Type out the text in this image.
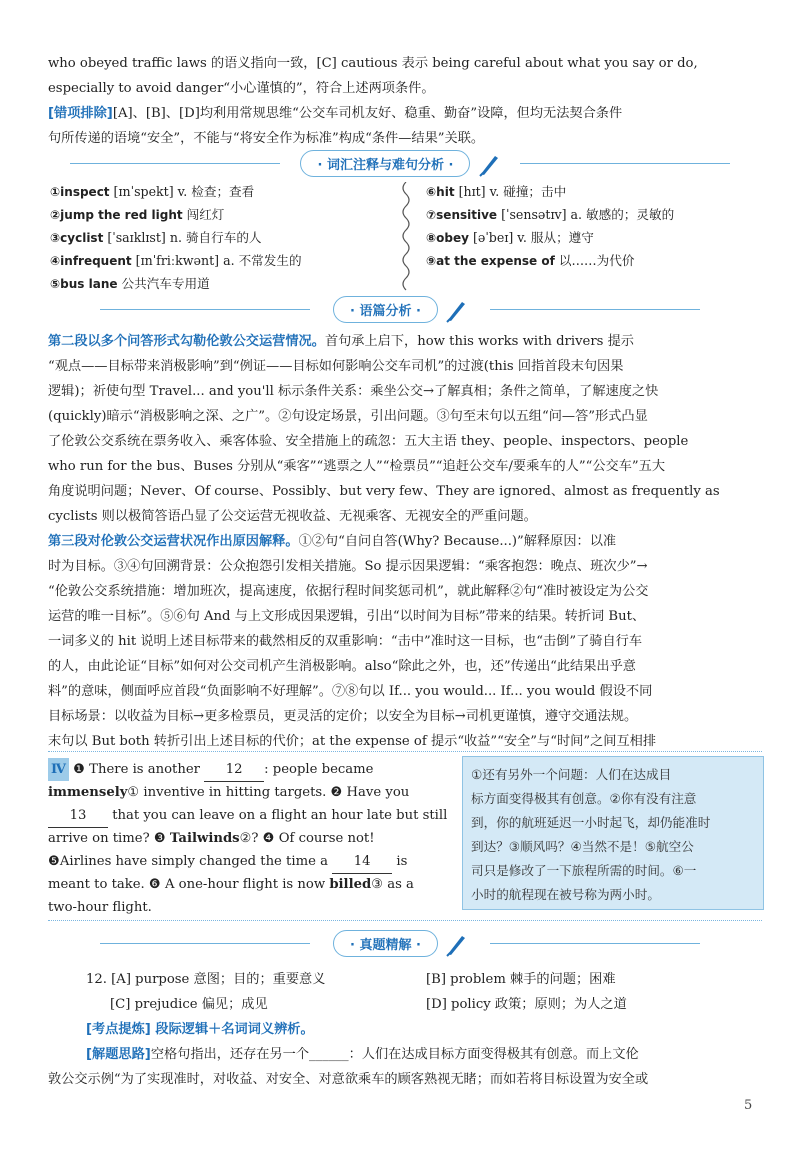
who obeyed traffic laws 的语义指向一致，[C] cautious 表示 being careful about what you say or do,
especially to avoid danger“小心谨慎的”，符合上述两项条件。
[错项排除][A]、[B]、[D]均利用常规思维“公交车司机友好、稳重、勤奋”设障，但均无法契合条件
句所传递的语境“安全”，不能与“将安全作为标准”构成“条件—结果”关联。
· 词汇注释与难句分析 ·
①inspect [ɪnˈspekt] v. 检查；查看
②jump the red light 闯红灯
③cyclist [ˈsaɪklɪst] n. 骑自行车的人
④infrequent [ɪnˈfriːkwənt] a. 不常发生的
⑤bus lane 公共汽车专用道
⑥hit [hɪt] v. 碰撞；击中
⑦sensitive [ˈsensətɪv] a. 敏感的；灵敏的
⑧obey [əˈbeɪ] v. 服从；遵守
⑨at the expense of 以……为代价
· 语篇分析 ·
第二段以多个问答形式勾勒伦敦公交运营情况。首句承上启下，how this works with drivers 提示
“观点——目标带来消极影响”到“例证——目标如何影响公交车司机”的过渡(this 回指首段末句因果
逻辑)；祈使句型 Travel... and you'll 标示条件关系：乘坐公交→了解真相；条件之简单，了解速度之快
(quickly)暗示“消极影响之深、之广”。②句设定场景，引出问题。③句至末句以五组“问—答”形式凸显
了伦敦公交系统在票务收入、乘客体验、安全措施上的疏忽：五大主语 they、people、inspectors、people
who run for the bus、Buses 分别从“乘客”“逃票之人”“检票员”“追赶公交车/要乘车的人”“公交车”五大
角度说明问题；Never、Of course、Possibly、but very few、They are ignored、almost as frequently as
cyclists 则以极简答语凸显了公交运营无视收益、无视乘客、无视安全的严重问题。
第三段对伦敦公交运营状况作出原因解释。①②句“自问自答(Why? Because...)”解释原因：以准
时为目标。③④句回溯背景：公众抱怨引发相关措施。So 提示因果逻辑：“乘客抱怨：晚点、班次少”→
“伦敦公交系统措施：增加班次，提高速度，依据行程时间奖惩司机”，就此解释②句“准时被设定为公交
运营的唯一目标”。⑤⑥句 And 与上文形成因果逻辑，引出“以时间为目标”带来的结果。转折词 But、
一词多义的 hit 说明上述目标带来的截然相反的双重影响：“击中”准时这一目标，也“击倒”了骑自行车
的人，由此论证“目标”如何对公交司机产生消极影响。also“除此之外，也，还”传递出“此结果出乎意
料”的意味，侧面呼应首段“负面影响不好理解”。⑦⑧句以 If... you would... If... you would 假设不同
目标场景：以收益为目标→更多检票员，更灵活的定价；以安全为目标→司机更谨慎，遵守交通法规。
末句以 But both 转折引出上述目标的代价；at the expense of 提示“收益”“安全”与“时间”之间互相排
Ⅳ ❶ There is another 12 : people became
immensely① inventive in hitting targets. ❷ Have you
13 that you can leave on a flight an hour late but still
arrive on time? ❸ Tailwinds②? ❹ Of course not!
❺Airlines have simply changed the time a 14 is
meant to take. ❻ A one-hour flight is now billed③ as a
two-hour flight.
①还有另外一个问题：人们在达成目
标方面变得极其有创意。②你有没有注意
到，你的航班延迟一小时起飞，却仍能准时
到达？③顺风吗？④当然不是！⑤航空公
司只是修改了一下旅程所需的时间。⑥一
小时的航程现在被号称为两小时。
· 真题精解 ·
12. [A] purpose 意图；目的；重要意义	[B] problem 棘手的问题；困难
[C] prejudice 偏见；成见	[D] policy 政策；原则；为人之道
[考点提炼] 段际逻辑＋名词词义辨析。
[解题思路]空格句指出，还存在另一个______：人们在达成目标方面变得极其有创意。而上文伦
敦公交示例“为了实现准时，对收益、对安全、对意欲乘车的顾客熟视无睹；而如若将目标设置为安全或
5
